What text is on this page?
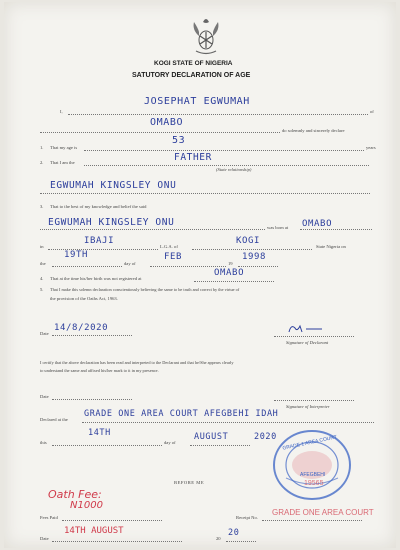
KOGI STATE OF NIGERIA
SATUTORY DECLARATION OF AGE
I,
JOSEPHAT EGWUMAH
of
OMABO
do solemnly and sincerely declare
1. That my age is
53
years
2. That I am the	FATHER
(State relationship)
EGWUMAH KINGSLEY ONU
3. That to the best of my knowledge and belief the said
EGWUMAH KINGSLEY ONU	was born at OMABO
in
IBAJI
L.G.A. of
KOGI
State Nigeria on
the
19TH
day of
FEB
19
1998
4. That at the time his/her birth was not registered at
OMABO
5. That I make this solemn declaration conscientiously believing the same to be truth and correct by the virtue of
the provision of the Oaths Act, 1963.
Date
14/8/2020
Signature of Declarant
I certify that the above declaration has been read and interpreted to the Declarant and that he/She appears clearly
to understand the same and affixed his/her mark to it in my presence.
Date
Signature of Interpreter
Declared at the
GRADE ONE AREA COURT AFEGBEHI IDAH
this
14TH
day of
AUGUST	2020
BEFORE ME
Oath Fee:
N1000
GRADE 1 AREA COURT
AFEGBEHI
Fees Paid	Receipt No.
GRADE ONE AREA COURT
19565
Date
14TH AUGUST
20
20
